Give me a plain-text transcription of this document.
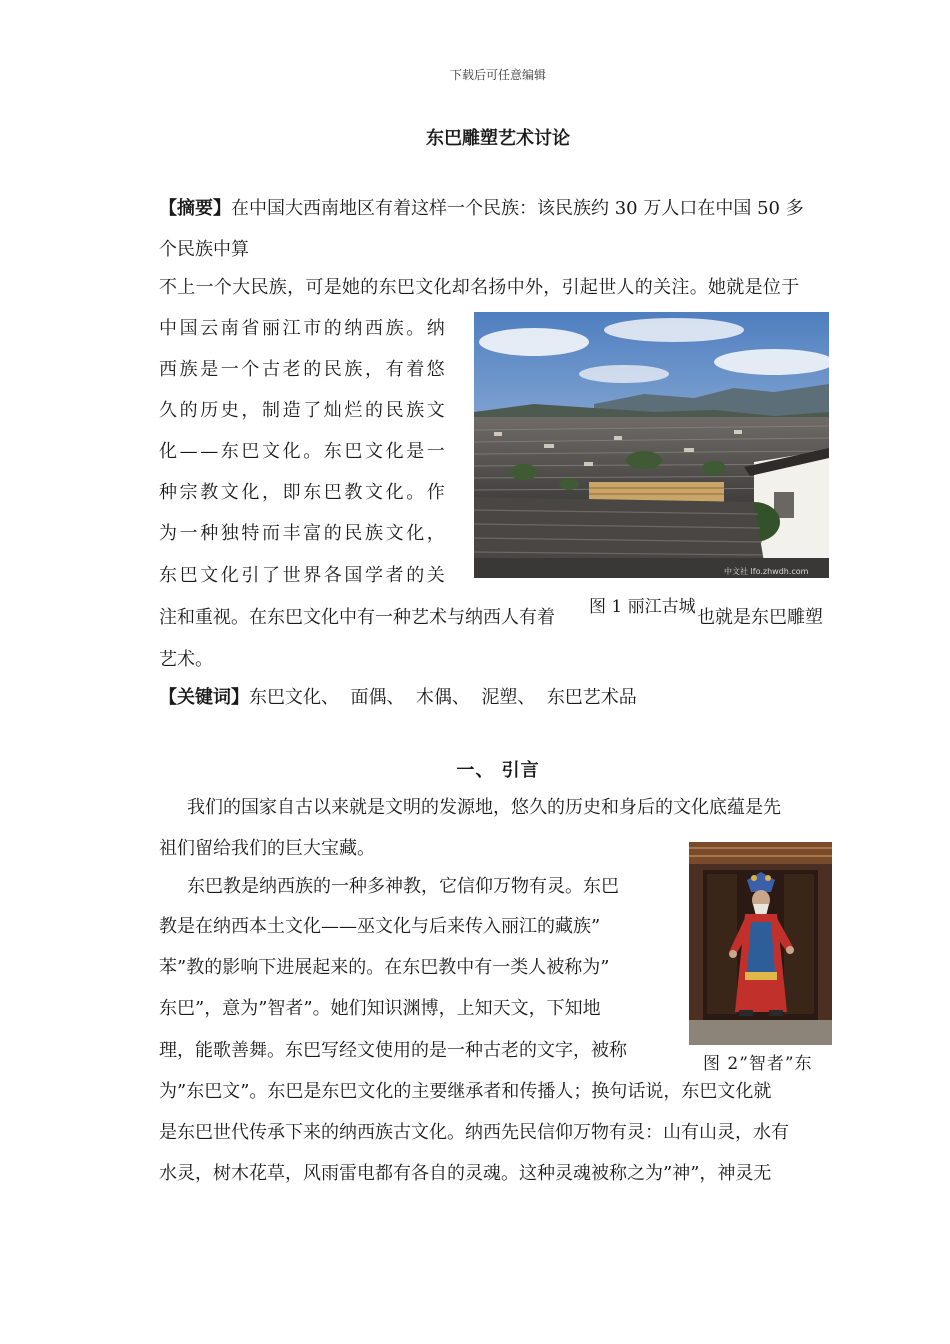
下载后可任意编辑
东巴雕塑艺术讨论
【摘要】在中国大西南地区有着这样一个民族：该民族约 30 万人口在中国 50 多
个民族中算
不上一个大民族，可是她的东巴文化却名扬中外，引起世人的关注。她就是位于
中国云南省丽江市的纳西族。纳
西族是一个古老的民族，有着悠
久的历史，制造了灿烂的民族文
化——东巴文化。东巴文化是一
种宗教文化，即东巴教文化。作
为一种独特而丰富的民族文化，
东巴文化引了世界各国学者的关	中文社 lfo.zhwdh.com
图 1 丽江古城
注和重视。在东巴文化中有一种艺术与纳西人有着	也就是东巴雕塑
艺术。
【关键词】东巴文化、 面偶、 木偶、 泥塑、 东巴艺术品
一、 引言
我们的国家自古以来就是文明的发源地，悠久的历史和身后的文化底蕴是先
祖们留给我们的巨大宝藏。
东巴教是纳西族的一种多神教，它信仰万物有灵。东巴
教是在纳西本土文化——巫文化与后来传入丽江的藏族”
苯”教的影响下进展起来的。在东巴教中有一类人被称为”
东巴”，意为”智者”。她们知识渊博，上知天文，下知地
理，能歌善舞。东巴写经文使用的是一种古老的文字，被称
图 2”智者”东
为”东巴文”。东巴是东巴文化的主要继承者和传播人；换句话说，东巴文化就
是东巴世代传承下来的纳西族古文化。纳西先民信仰万物有灵：山有山灵，水有
水灵，树木花草，风雨雷电都有各自的灵魂。这种灵魂被称之为”神”，神灵无
